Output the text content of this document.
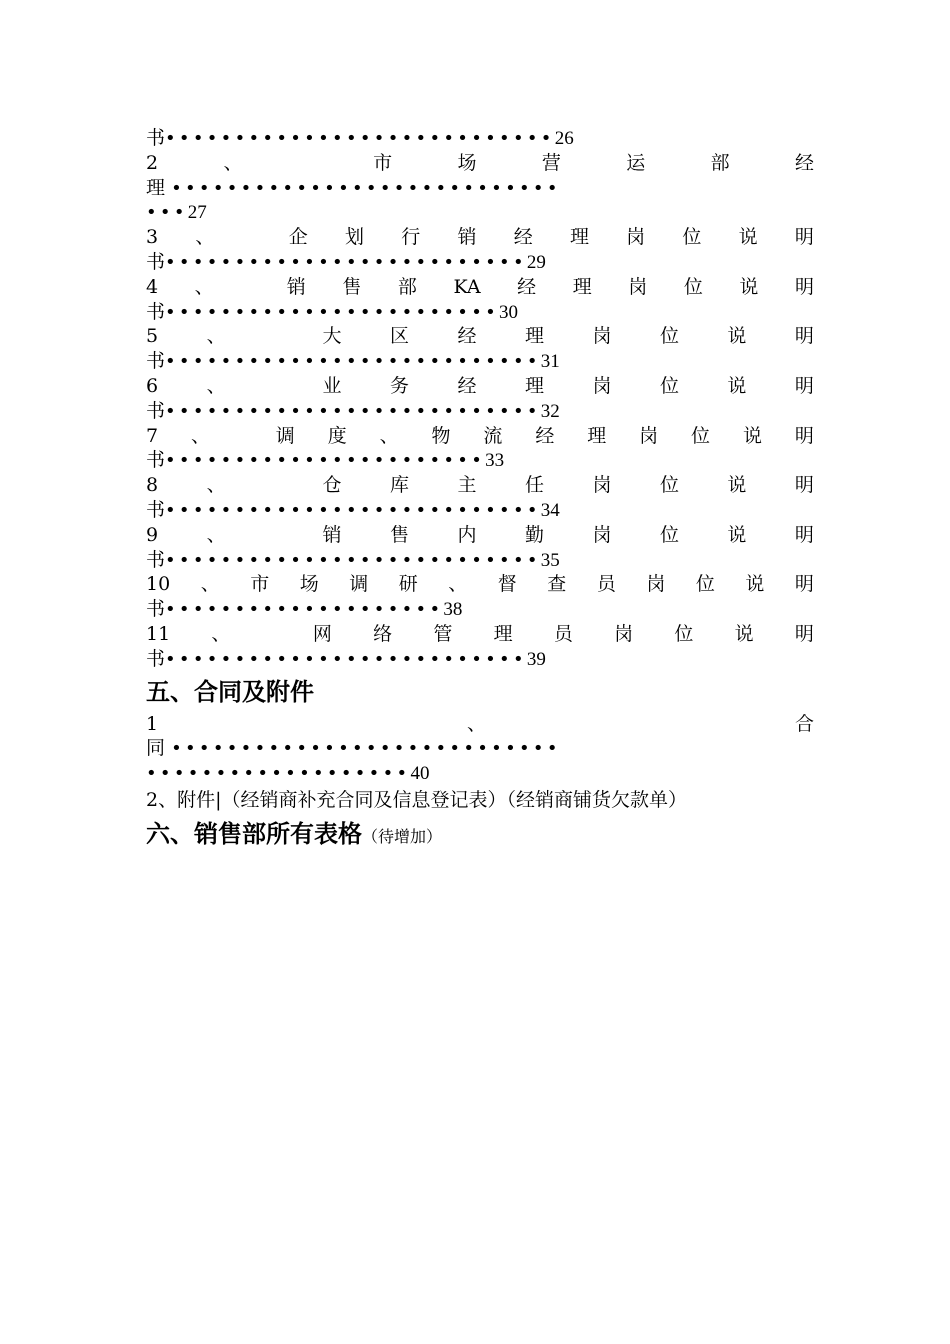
书••••••••••••••••••••••••••••26
2	、	市	场	营	运	部	经
理 ••••••••••••••••••••••••••••
•••27
3 、	企 划 行 销 经 理 岗 位 说 明
书••••••••••••••••••••••••••29
4 、	销 售 部 KA 经 理 岗 位 说 明
书••••••••••••••••••••••••30
5	、	大	区	经	理	岗	位	说	明
书•••••••••••••••••••••••••••31
6	、	业	务	经	理	岗	位	说	明
书•••••••••••••••••••••••••••32
7 、	调 度 、 物 流 经 理 岗 位 说 明
书•••••••••••••••••••••••33
8	、	仓	库	主	任	岗	位	说	明
书•••••••••••••••••••••••••••34
9	、	销	售	内	勤	岗	位	说	明
书•••••••••••••••••••••••••••35
10 、 市 场 调 研 、 督 查 员 岗 位 说 明
书••••••••••••••••••••38
11 、	网 络 管 理 员 岗 位 说 明
书••••••••••••••••••••••••••39
五、合同及附件
1	、	合
同 ••••••••••••••••••••••••••••
•••••••••••••••••••40
2、附件|（经销商补充合同及信息登记表）（经销商铺货欠款单）
六、销售部所有表格（待增加）
